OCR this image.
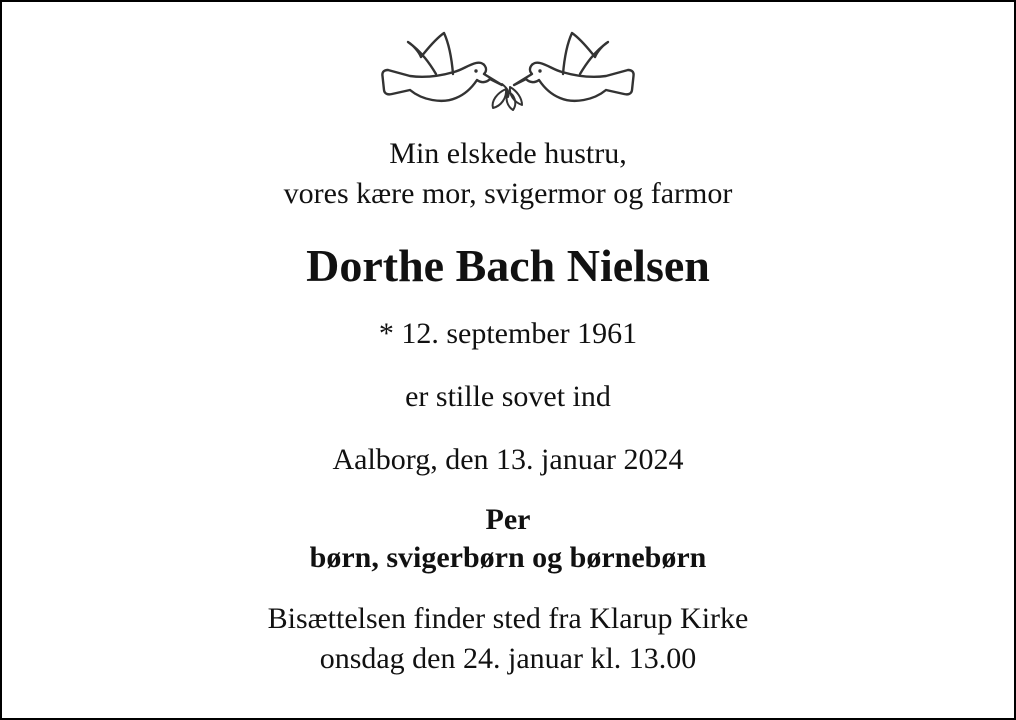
Min elskede hustru,
vores kære mor, svigermor og farmor
Dorthe Bach Nielsen
* 12. september 1961
er stille sovet ind
Aalborg, den 13. januar 2024
Per
børn, svigerbørn og børnebørn
Bisættelsen finder sted fra Klarup Kirke
onsdag den 24. januar kl. 13.00
